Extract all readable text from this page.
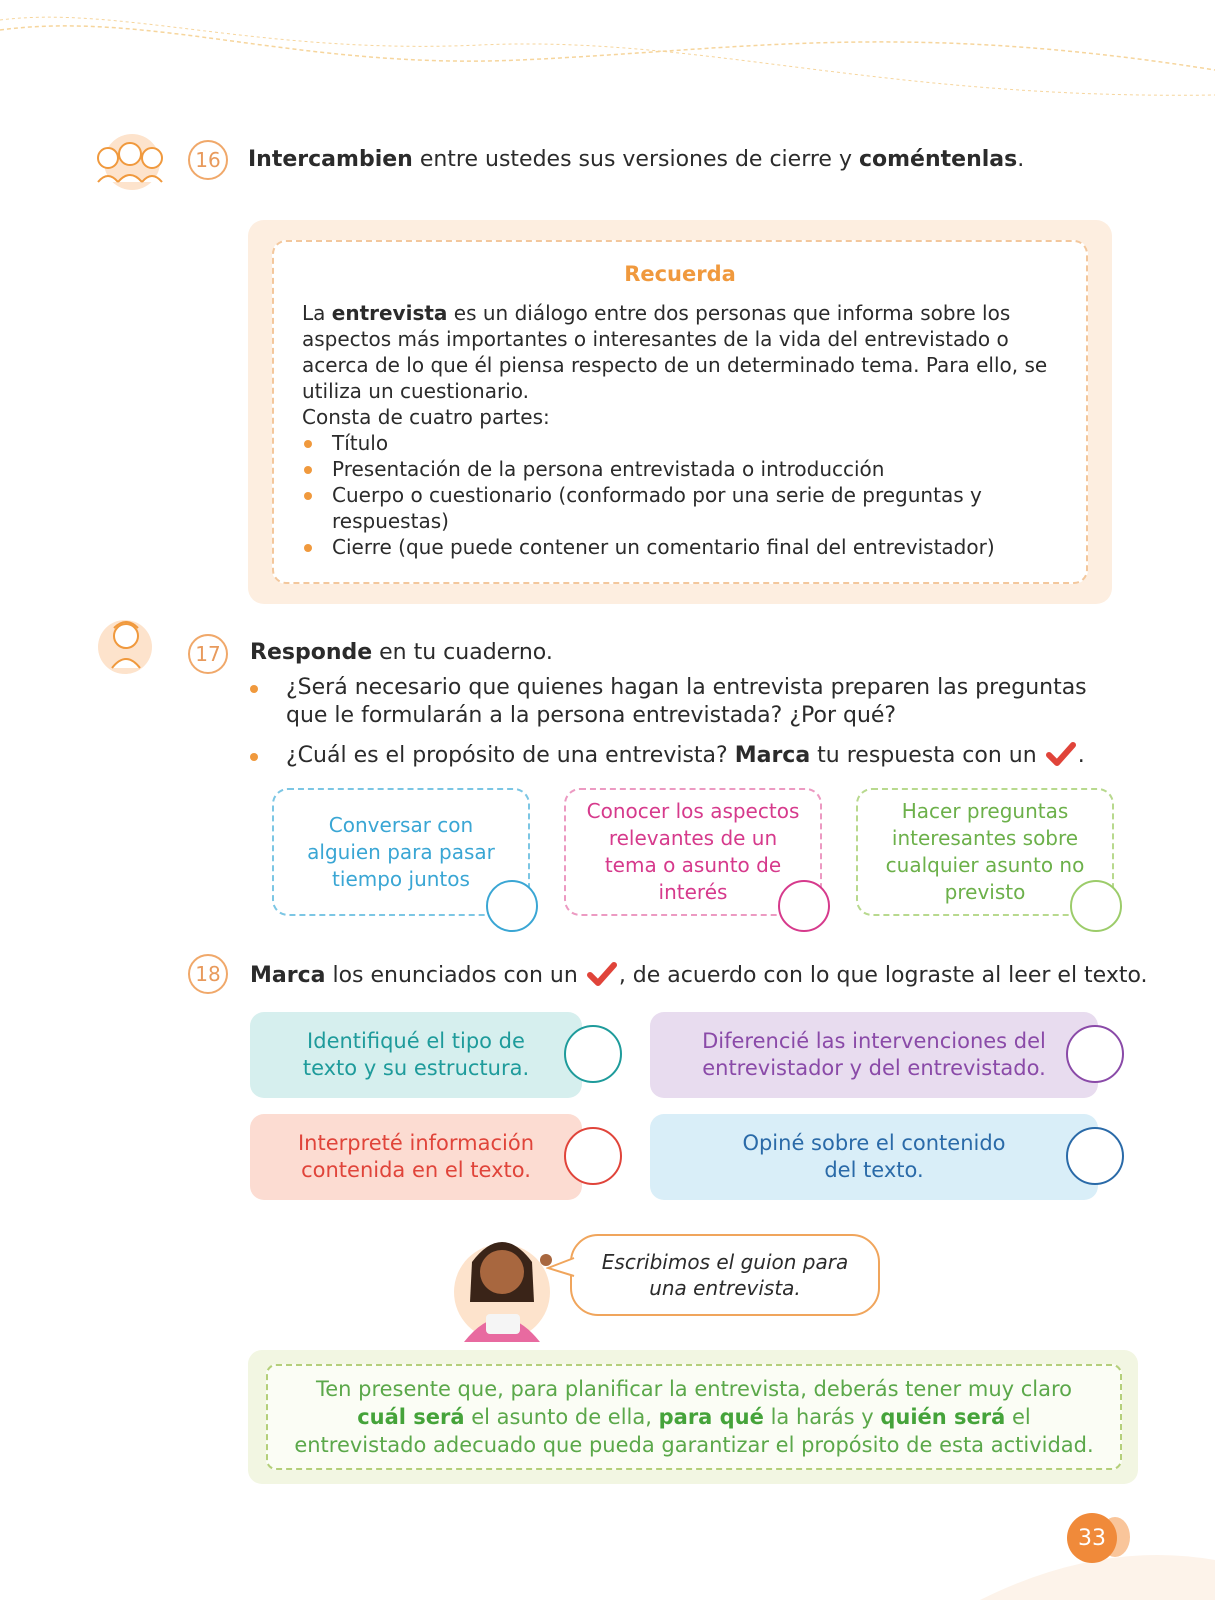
16	Intercambien entre ustedes sus versiones de cierre y coméntenlas.
Recuerda
La entrevista es un diálogo entre dos personas que informa sobre los aspectos más importantes o interesantes de la vida del entrevistado o acerca de lo que él piensa respecto de un determinado tema. Para ello, se utiliza un cuestionario.
Consta de cuatro partes:
Título
Presentación de la persona entrevistada o introducción
Cuerpo o cuestionario (conformado por una serie de preguntas y respuestas)
Cierre (que puede contener un comentario final del entrevistador)
17	Responde en tu cuaderno.
¿Será necesario que quienes hagan la entrevista preparen las preguntas
que le formularán a la persona entrevistada? ¿Por qué?
¿Cuál es el propósito de una entrevista? Marca tu respuesta con un .
Conversar con alguien para pasar tiempo juntos
Conocer los aspectos relevantes de un tema o asunto de interés
Hacer preguntas interesantes sobre cualquier asunto no previsto
18	Marca los enunciados con un , de acuerdo con lo que lograste al leer el texto.
Identifiqué el tipo de texto y su estructura.
Diferencié las intervenciones del entrevistador y del entrevistado.
Interpreté información contenida en el texto.
Opiné sobre el contenido del texto.
Escribimos el guion para una entrevista.
Ten presente que, para planificar la entrevista, deberás tener muy claro cuál será el asunto de ella, para qué la harás y quién será el entrevistado adecuado que pueda garantizar el propósito de esta actividad.
33
